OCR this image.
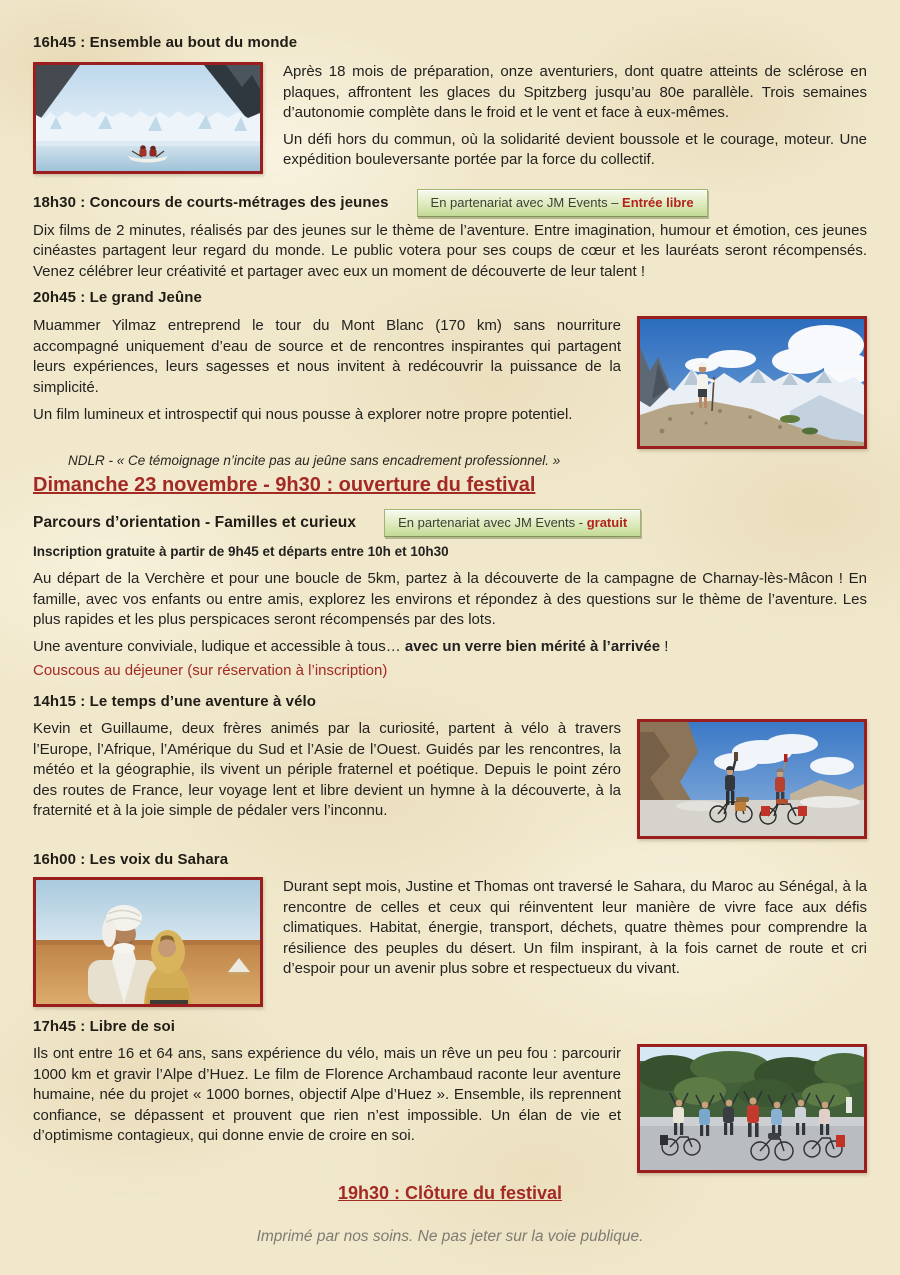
16h45 : Ensemble au bout du monde

Après 18 mois de préparation, onze aventuriers, dont quatre atteints de sclérose en plaques, affrontent les glaces du Spitzberg jusqu’au 80e parallèle. Trois semaines d’autonomie complète dans le froid et le vent et face à eux-mêmes.

Un défi hors du commun, où la solidarité devient boussole et le courage, moteur. Une expédition bouleversante portée par la force du collectif.

18h30 : Concours de courts-métrages des jeunes	En partenariat avec JM Events – Entrée libre

Dix films de 2 minutes, réalisés par des jeunes sur le thème de l’aventure. Entre imagination, humour et émotion, ces jeunes cinéastes partagent leur regard du monde. Le public votera pour ses coups de cœur et les lauréats seront récompensés. Venez célébrer leur créativité et partager avec eux un moment de découverte de leur talent !

20h45 : Le grand Jeûne

Muammer Yilmaz entreprend le tour du Mont Blanc (170 km) sans nourriture accompagné uniquement d’eau de source et de rencontres inspirantes qui partagent leurs expériences, leurs sagesses et nous invitent à redécouvrir la puissance de la simplicité.

Un film lumineux et introspectif qui nous pousse à explorer notre propre potentiel.

NDLR - « Ce témoignage n’incite pas au jeûne sans encadrement professionnel. »

Dimanche 23 novembre - 9h30 : ouverture du festival
Parcours d’orientation - Familles et curieux	En partenariat avec JM Events - gratuit

Inscription gratuite à partir de 9h45 et départs entre 10h et 10h30

Au départ de la Verchère et pour une boucle de 5km, partez à la découverte de la campagne de Charnay-lès-Mâcon ! En famille, avec vos enfants ou entre amis, explorez les environs et répondez à des questions sur le thème de l’aventure. Les plus rapides et les plus perspicaces seront récompensés par des lots.

Une aventure conviviale, ludique et accessible à tous… avec un verre bien mérité à l’arrivée !

Couscous au déjeuner (sur réservation à l’inscription)

14h15 : Le temps d’une aventure à vélo

Kevin et Guillaume, deux frères animés par la curiosité, partent à vélo à travers l’Europe, l’Afrique, l’Amérique du Sud et l’Asie de l’Ouest. Guidés par les rencontres, la météo et la géographie, ils vivent un périple fraternel et poétique. Depuis le point zéro des routes de France, leur voyage lent et libre devient un hymne à la découverte, à la fraternité et à la joie simple de pédaler vers l’inconnu.

16h00 : Les voix du Sahara

Durant sept mois, Justine et Thomas ont traversé le Sahara, du Maroc au Sénégal, à la rencontre de celles et ceux qui réinventent leur manière de vivre face aux défis climatiques. Habitat, énergie, transport, déchets, quatre thèmes pour comprendre la résilience des peuples du désert. Un film inspirant, à la fois carnet de route et cri d’espoir pour un avenir plus sobre et respectueux du vivant.

17h45 : Libre de soi

Ils ont entre 16 et 64 ans, sans expérience du vélo, mais un rêve un peu fou : parcourir 1000 km et gravir l’Alpe d’Huez. Le film de Florence Archambaud raconte leur aventure humaine, née du projet « 1000 bornes, objectif Alpe d’Huez ». Ensemble, ils reprennent confiance, se dépassent et prouvent que rien n’est impossible. Un élan de vie et d’optimisme contagieux, qui donne envie de croire en soi.

19h30 : Clôture du festival

Imprimé par nos soins. Ne pas jeter sur la voie publique.
